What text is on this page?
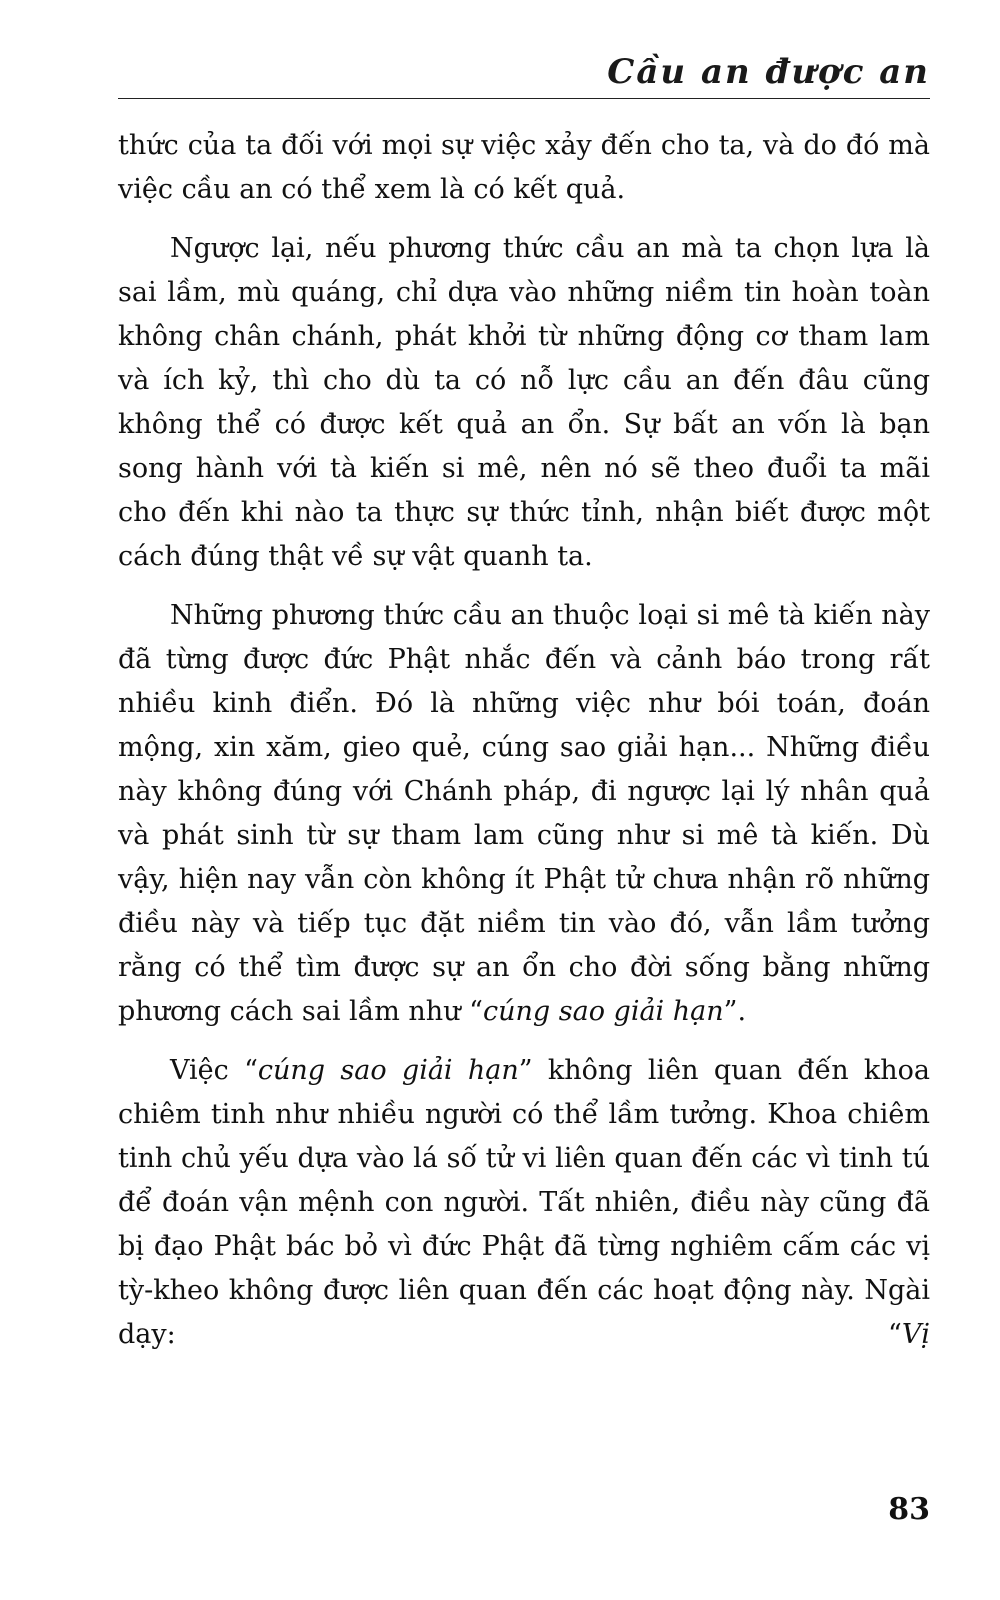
Cầu an được an

thức của ta đối với mọi sự việc xảy đến cho ta, và do đó mà việc cầu an có thể xem là có kết quả.

Ngược lại, nếu phương thức cầu an mà ta chọn lựa là sai lầm, mù quáng, chỉ dựa vào những niềm tin hoàn toàn không chân chánh, phát khởi từ những động cơ tham lam và ích kỷ, thì cho dù ta có nỗ lực cầu an đến đâu cũng không thể có được kết quả an ổn. Sự bất an vốn là bạn song hành với tà kiến si mê, nên nó sẽ theo đuổi ta mãi cho đến khi nào ta thực sự thức tỉnh, nhận biết được một cách đúng thật về sự vật quanh ta.

Những phương thức cầu an thuộc loại si mê tà kiến này đã từng được đức Phật nhắc đến và cảnh báo trong rất nhiều kinh điển. Đó là những việc như bói toán, đoán mộng, xin xăm, gieo quẻ, cúng sao giải hạn... Những điều này không đúng với Chánh pháp, đi ngược lại lý nhân quả và phát sinh từ sự tham lam cũng như si mê tà kiến. Dù vậy, hiện nay vẫn còn không ít Phật tử chưa nhận rõ những điều này và tiếp tục đặt niềm tin vào đó, vẫn lầm tưởng rằng có thể tìm được sự an ổn cho đời sống bằng những phương cách sai lầm như “cúng sao giải hạn”.

Việc “cúng sao giải hạn” không liên quan đến khoa chiêm tinh như nhiều người có thể lầm tưởng. Khoa chiêm tinh chủ yếu dựa vào lá số tử vi liên quan đến các vì tinh tú để đoán vận mệnh con người. Tất nhiên, điều này cũng đã bị đạo Phật bác bỏ vì đức Phật đã từng nghiêm cấm các vị tỳ-kheo không được liên quan đến các hoạt động này. Ngài dạy: “Vị

83
